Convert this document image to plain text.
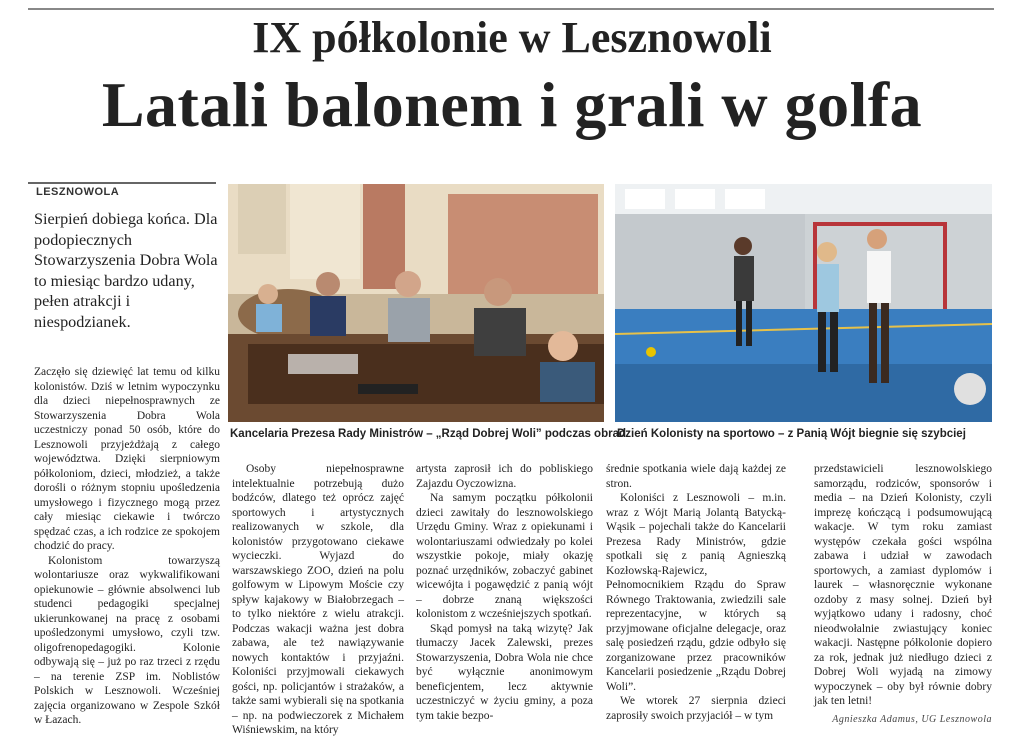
IX półkolonie w Lesznowoli
Latali balonem i grali w golfa
LESZNOWOLA
Sierpień dobiega końca. Dla podopiecznych Stowarzyszenia Dobra Wola to miesiąc bardzo udany, pełen atrakcji i niespodzianek.
Kancelaria Prezesa Rady Ministrów – „Rząd Dobrej Woli” podczas obrad
Dzień Kolonisty na sportowo – z Panią Wójt biegnie się szybciej

Zaczęło się dziewięć lat temu od kilku kolonistów. Dziś w letnim wypoczynku dla dzieci niepełnosprawnych ze Stowarzyszenia Dobra Wola uczestniczy ponad 50 osób, które do Lesznowoli przyjeżdżają z całego województwa. Dzięki sierpniowym półkoloniom, dzieci, młodzież, a także dorośli o różnym stopniu upośledzenia umysłowego i fizycznego mogą przez cały miesiąc ciekawie i twórczo spędzać czas, a ich rodzice ze spokojem chodzić do pracy.

Kolonistom towarzyszą wolontariusze oraz wykwalifikowani opiekunowie – głównie absolwenci lub studenci pedagogiki specjalnej ukierunkowanej na pracę z osobami upośledzonymi umysłowo, czyli tzw. oligofrenopedagogiki. Kolonie odbywają się – już po raz trzeci z rzędu – na terenie ZSP im. Noblistów Polskich w Lesznowoli. Wcześniej zajęcia organizowano w Zespole Szkół w Łazach.

Osoby niepełnosprawne intelektualnie potrzebują dużo bodźców, dlatego też oprócz zajęć sportowych i artystycznych realizowanych w szkole, dla kolonistów przygotowano ciekawe wycieczki. Wyjazd do warszawskiego ZOO, dzień na polu golfowym w Lipowym Moście czy spływ kajakowy w Białobrzegach – to tylko niektóre z wielu atrakcji. Podczas wakacji ważna jest dobra zabawa, ale też nawiązywanie nowych kontaktów i przyjaźni. Koloniści przyjmowali ciekawych gości, np. policjantów i strażaków, a także sami wybierali się na spotkania – np. na podwieczorek z Michałem Wiśniewskim, na który

artysta zaprosił ich do pobliskiego Zajazdu Oyczowizna.

Na samym początku półkolonii dzieci zawitały do lesznowolskiego Urzędu Gminy. Wraz z opiekunami i wolontariuszami odwiedzały po kolei wszystkie pokoje, miały okazję poznać urzędników, zobaczyć gabinet wicewójta i pogawędzić z panią wójt – dobrze znaną większości kolonistom z wcześniejszych spotkań.

Skąd pomysł na taką wizytę? Jak tłumaczy Jacek Zalewski, prezes Stowarzyszenia, Dobra Wola nie chce być wyłącznie anonimowym beneficjentem, lecz aktywnie uczestniczyć w życiu gminy, a poza tym takie bezpo-

średnie spotkania wiele dają każdej ze stron.

Koloniści z Lesznowoli – m.in. wraz z Wójt Marią Jolantą Batycką-Wąsik – pojechali także do Kancelarii Prezesa Rady Ministrów, gdzie spotkali się z panią Agnieszką Kozłowską-Rajewicz, Pełnomocnikiem Rządu do Spraw Równego Traktowania, zwiedzili sale reprezentacyjne, w których są przyjmowane oficjalne delegacje, oraz salę posiedzeń rządu, gdzie odbyło się zorganizowane przez pracowników Kancelarii posiedzenie „Rządu Dobrej Woli”.

We wtorek 27 sierpnia dzieci zaprosiły swoich przyjaciół – w tym

przedstawicieli lesznowolskiego samorządu, rodziców, sponsorów i media – na Dzień Kolonisty, czyli imprezę kończącą i podsumowującą wakacje. W tym roku zamiast występów czekała gości wspólna zabawa i udział w zawodach sportowych, a zamiast dyplomów i laurek – własnoręcznie wykonane ozdoby z masy solnej. Dzień był wyjątkowo udany i radosny, choć nieodwołalnie zwiastujący koniec wakacji. Następne półkolonie dopiero za rok, jednak już niedługo dzieci z Dobrej Woli wyjadą na zimowy wypoczynek – oby był równie dobry jak ten letni!

Agnieszka Adamus, UG Lesznowola
